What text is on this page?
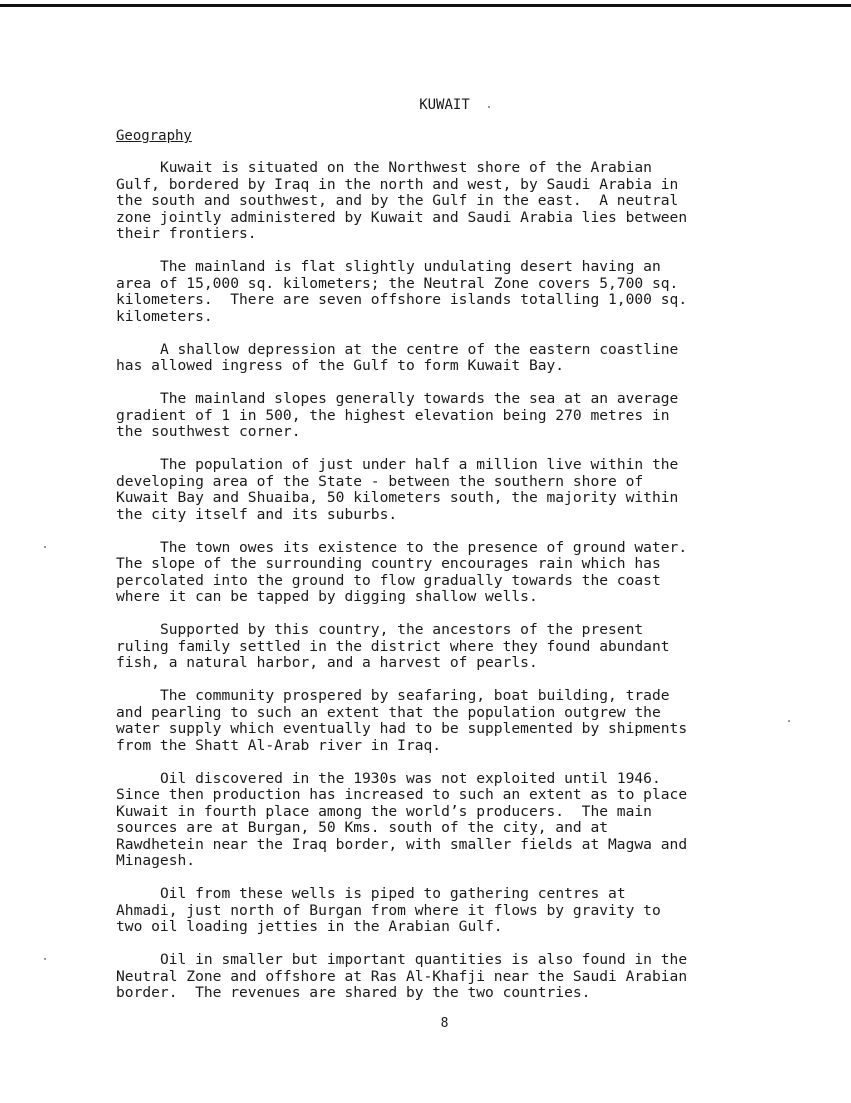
KUWAIT
Geography

Kuwait is situated on the Northwest shore of the Arabian
Gulf, bordered by Iraq in the north and west, by Saudi Arabia in
the south and southwest, and by the Gulf in the east.  A neutral
zone jointly administered by Kuwait and Saudi Arabia lies between
their frontiers.

The mainland is flat slightly undulating desert having an
area of 15,000 sq. kilometers; the Neutral Zone covers 5,700 sq.
kilometers.  There are seven offshore islands totalling 1,000 sq.
kilometers.

A shallow depression at the centre of the eastern coastline
has allowed ingress of the Gulf to form Kuwait Bay.

The mainland slopes generally towards the sea at an average
gradient of 1 in 500, the highest elevation being 270 metres in
the southwest corner.

The population of just under half a million live within the
developing area of the State - between the southern shore of
Kuwait Bay and Shuaiba, 50 kilometers south, the majority within
the city itself and its suburbs.

The town owes its existence to the presence of ground water.
The slope of the surrounding country encourages rain which has
percolated into the ground to flow gradually towards the coast
where it can be tapped by digging shallow wells.

Supported by this country, the ancestors of the present
ruling family settled in the district where they found abundant
fish, a natural harbor, and a harvest of pearls.

The community prospered by seafaring, boat building, trade
and pearling to such an extent that the population outgrew the
water supply which eventually had to be supplemented by shipments
from the Shatt Al-Arab river in Iraq.

Oil discovered in the 1930s was not exploited until 1946.
Since then production has increased to such an extent as to place
Kuwait in fourth place among the world’s producers.  The main
sources are at Burgan, 50 Kms. south of the city, and at
Rawdhetein near the Iraq border, with smaller fields at Magwa and
Minagesh.

Oil from these wells is piped to gathering centres at
Ahmadi, just north of Burgan from where it flows by gravity to
two oil loading jetties in the Arabian Gulf.

Oil in smaller but important quantities is also found in the
Neutral Zone and offshore at Ras Al-Khafji near the Saudi Arabian
border.  The revenues are shared by the two countries.

8
